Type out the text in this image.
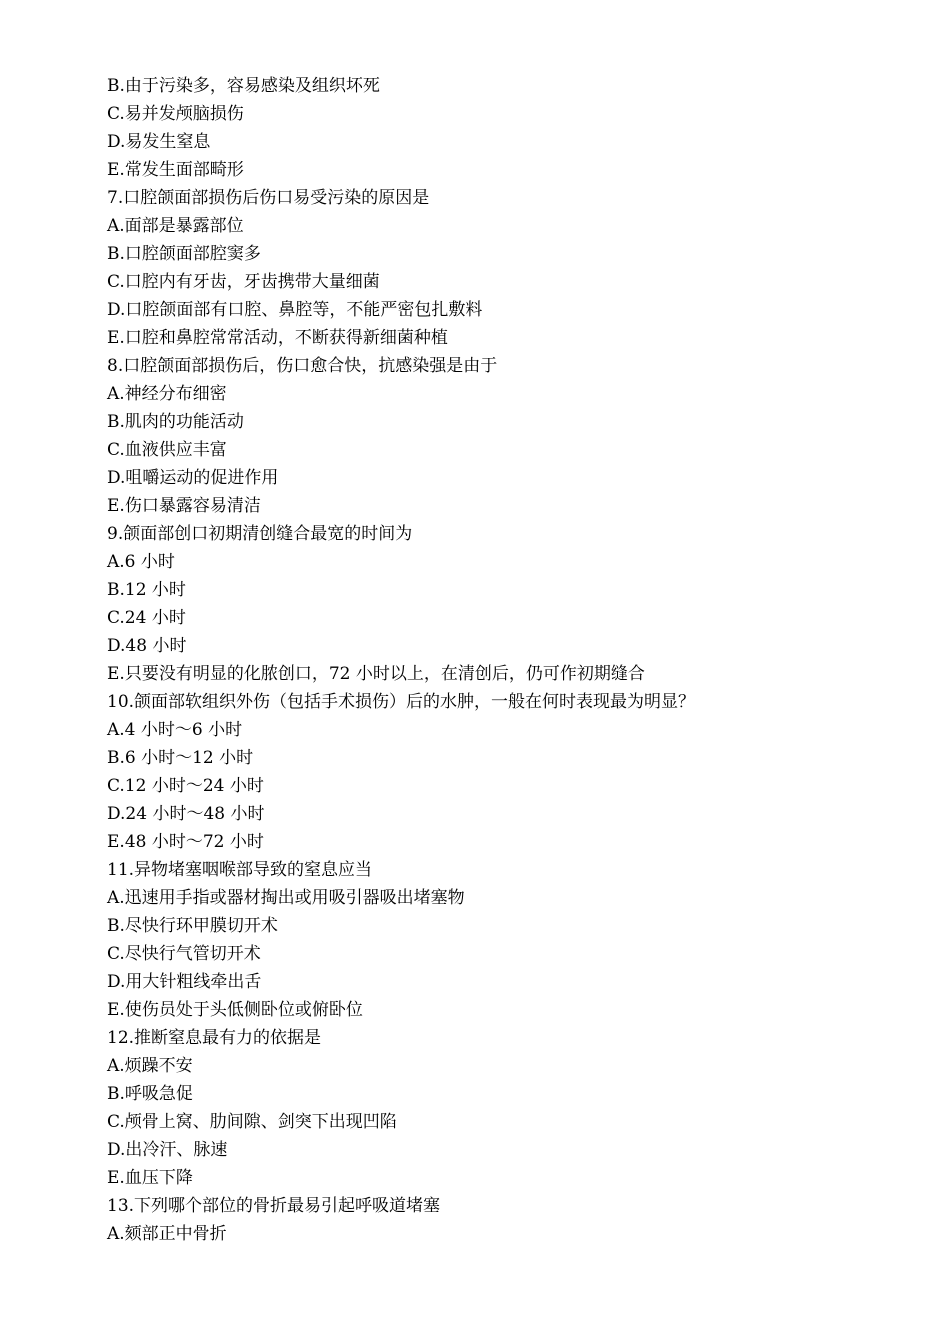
B.由于污染多，容易感染及组织坏死
C.易并发颅脑损伤
D.易发生窒息
E.常发生面部畸形
7.口腔颌面部损伤后伤口易受污染的原因是
A.面部是暴露部位
B.口腔颌面部腔窦多
C.口腔内有牙齿，牙齿携带大量细菌
D.口腔颌面部有口腔、鼻腔等，不能严密包扎敷料
E.口腔和鼻腔常常活动，不断获得新细菌种植
8.口腔颌面部损伤后，伤口愈合快，抗感染强是由于
A.神经分布细密
B.肌肉的功能活动
C.血液供应丰富
D.咀嚼运动的促进作用
E.伤口暴露容易清洁
9.颌面部创口初期清创缝合最宽的时间为
A.6 小时
B.12 小时
C.24 小时
D.48 小时
E.只要没有明显的化脓创口，72 小时以上，在清创后，仍可作初期缝合
10.颌面部软组织外伤（包括手术损伤）后的水肿，一般在何时表现最为明显？
A.4 小时～6 小时
B.6 小时～12 小时
C.12 小时～24 小时
D.24 小时～48 小时
E.48 小时～72 小时
11.异物堵塞咽喉部导致的窒息应当
A.迅速用手指或器材掏出或用吸引器吸出堵塞物
B.尽快行环甲膜切开术
C.尽快行气管切开术
D.用大针粗线牵出舌
E.使伤员处于头低侧卧位或俯卧位
12.推断窒息最有力的依据是
A.烦躁不安
B.呼吸急促
C.颅骨上窝、肋间隙、剑突下出现凹陷
D.出冷汗、脉速
E.血压下降
13.下列哪个部位的骨折最易引起呼吸道堵塞
A.颏部正中骨折
